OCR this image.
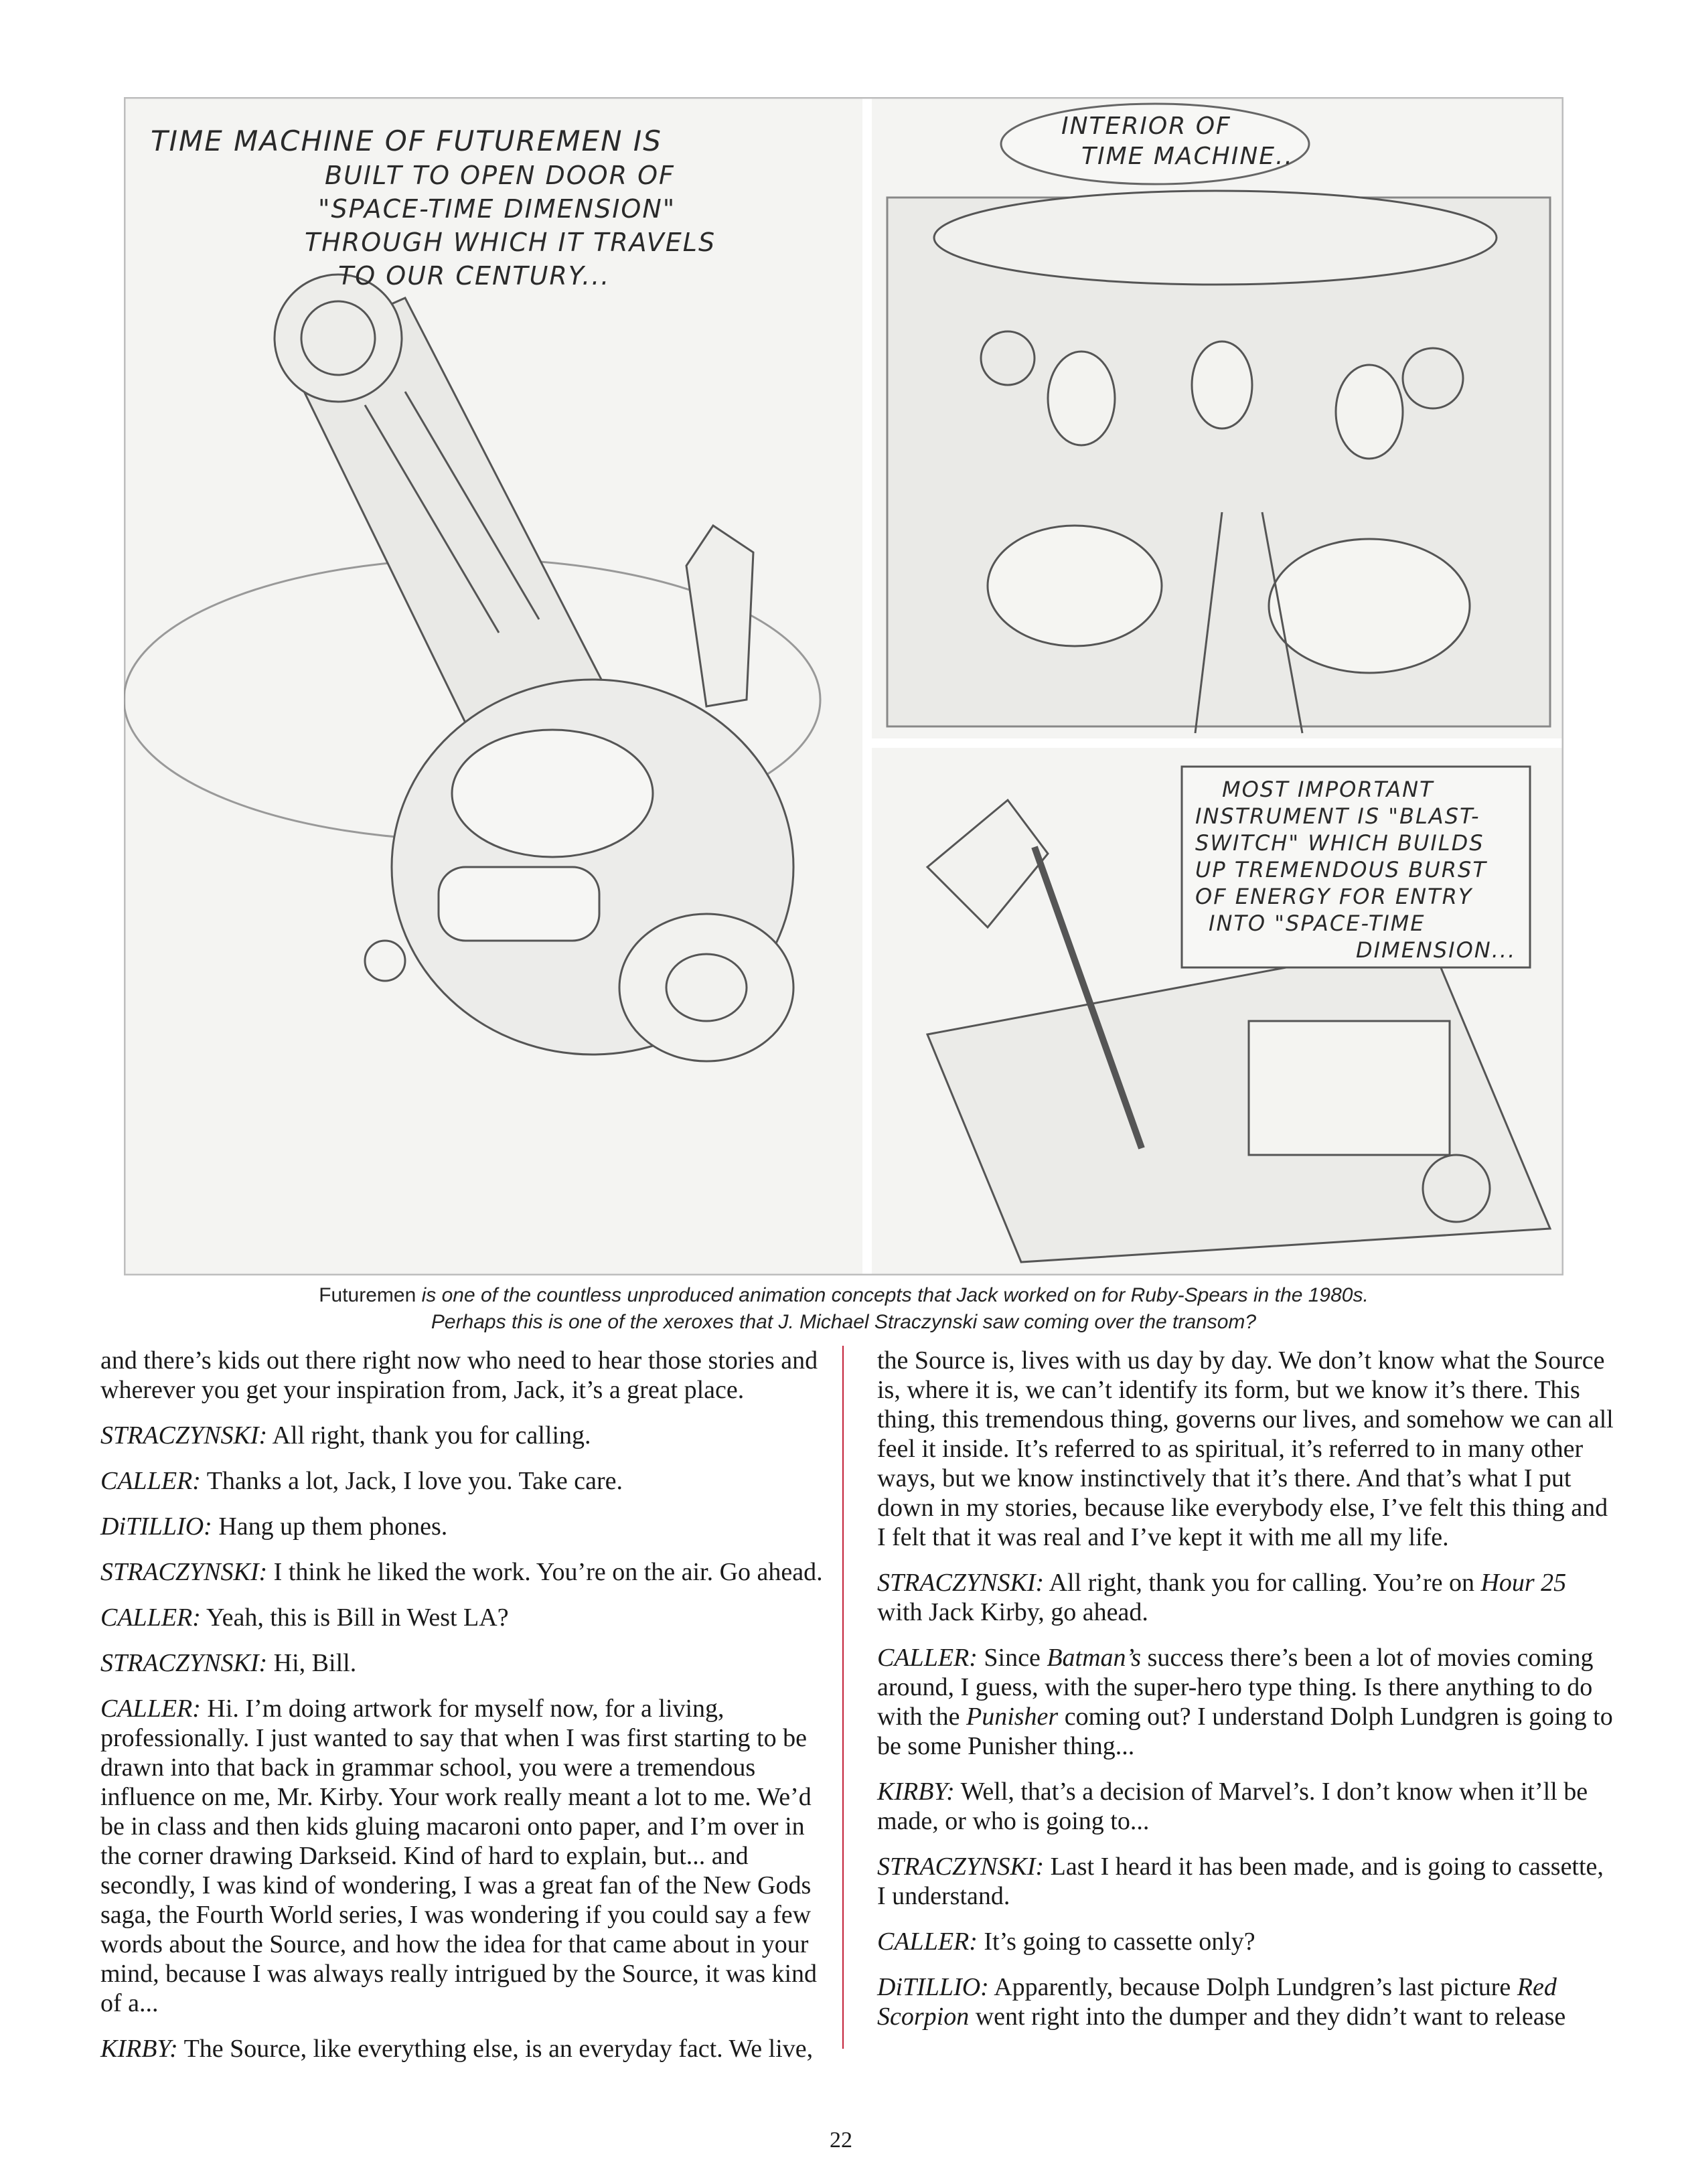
TIME MACHINE OF FUTUREMEN IS
BUILT TO OPEN DOOR OF
"SPACE-TIME DIMENSION"
THROUGH WHICH IT TRAVELS
TO OUR CENTURY...
INTERIOR OF
TIME MACHINE..
MOST IMPORTANT
INSTRUMENT IS "BLAST-
SWITCH" WHICH BUILDS
UP TREMENDOUS BURST
OF ENERGY FOR ENTRY
INTO "SPACE-TIME
DIMENSION...
Futuremen is one of the countless unproduced animation concepts that Jack worked on for Ruby-Spears in the 1980s.
Perhaps this is one of the xeroxes that J. Michael Straczynski saw coming over the transom?

and there’s kids out there right now who need to hear those stories and wherever you get your inspiration from, Jack, it’s a great place.

STRACZYNSKI: All right, thank you for calling.

CALLER: Thanks a lot, Jack, I love you. Take care.

DiTILLIO: Hang up them phones.

STRACZYNSKI: I think he liked the work. You’re on the air. Go ahead.

CALLER: Yeah, this is Bill in West LA?

STRACZYNSKI: Hi, Bill.

CALLER: Hi. I’m doing artwork for myself now, for a living, professionally. I just wanted to say that when I was first starting to be drawn into that back in grammar school, you were a tremendous influence on me, Mr. Kirby. Your work really meant a lot to me. We’d be in class and then kids gluing macaroni onto paper, and I’m over in the corner drawing Darkseid. Kind of hard to explain, but... and secondly, I was kind of wondering, I was a great fan of the New Gods saga, the Fourth World series, I was wondering if you could say a few words about the Source, and how the idea for that came about in your mind, because I was always really intrigued by the Source, it was kind of a...

KIRBY: The Source, like everything else, is an everyday fact. We live,

the Source is, lives with us day by day. We don’t know what the Source is, where it is, we can’t identify its form, but we know it’s there. This thing, this tremendous thing, governs our lives, and somehow we can all feel it inside. It’s referred to as spiritual, it’s referred to in many other ways, but we know instinctively that it’s there. And that’s what I put down in my stories, because like everybody else, I’ve felt this thing and I felt that it was real and I’ve kept it with me all my life.

STRACZYNSKI: All right, thank you for calling. You’re on Hour 25 with Jack Kirby, go ahead.

CALLER: Since Batman’s success there’s been a lot of movies coming around, I guess, with the super-hero type thing. Is there anything to do with the Punisher coming out? I understand Dolph Lundgren is going to be some Punisher thing...

KIRBY: Well, that’s a decision of Marvel’s. I don’t know when it’ll be made, or who is going to...

STRACZYNSKI: Last I heard it has been made, and is going to cassette, I understand.

CALLER: It’s going to cassette only?

DiTILLIO: Apparently, because Dolph Lundgren’s last picture Red Scorpion went right into the dumper and they didn’t want to release

22
